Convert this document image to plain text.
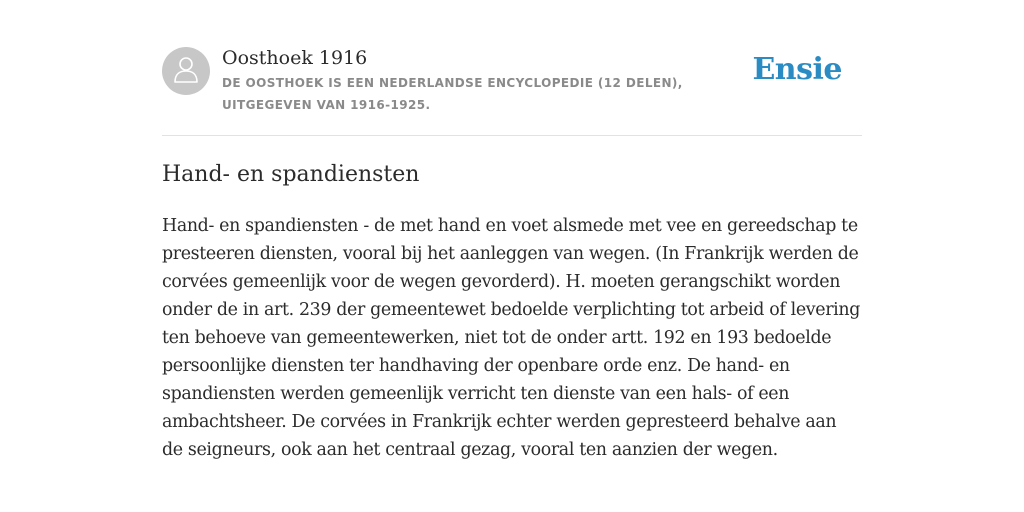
Oosthoek 1916
DE OOSTHOEK IS EEN NEDERLANDSE ENCYCLOPEDIE (12 DELEN), UITGEGEVEN VAN 1916-1925.
Ensie
Hand- en spandiensten

Hand- en spandiensten - de met hand en voet alsmede met vee en gereedschap te presteeren diensten, vooral bij het aanleggen van wegen. (In Frankrijk werden de corvées gemeenlijk voor de wegen gevorderd). H. moeten gerangschikt worden onder de in art. 239 der gemeentewet bedoelde verplichting tot arbeid of levering ten behoeve van gemeentewerken, niet tot de onder artt. 192 en 193 bedoelde persoonlijke diensten ter handhaving der openbare orde enz. De hand- en spandiensten werden gemeenlijk verricht ten dienste van een hals- of een ambachtsheer. De corvées in Frankrijk echter werden gepresteerd behalve aan de seigneurs, ook aan het centraal gezag, vooral ten aanzien der wegen.
